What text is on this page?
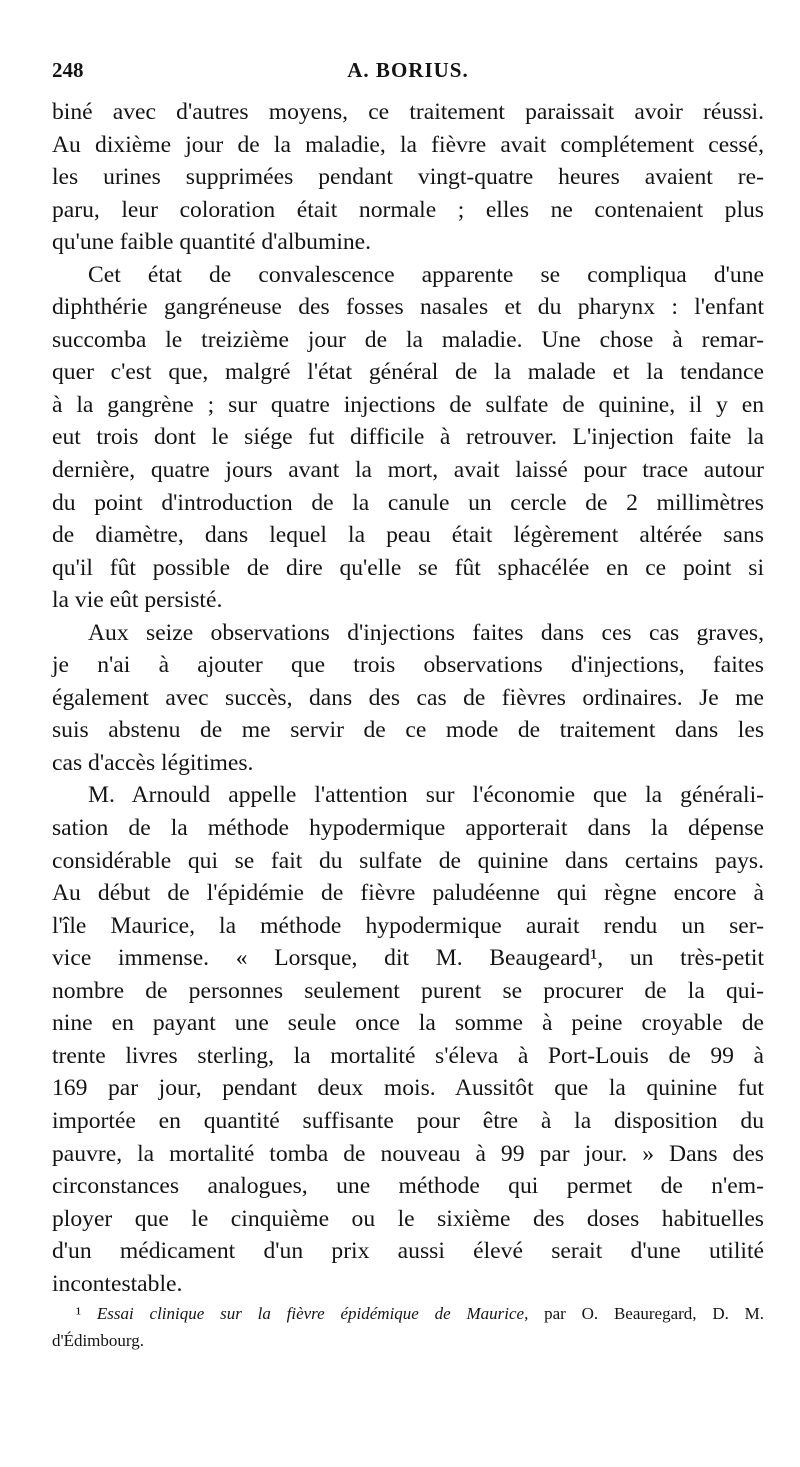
248	A. BORIUS.
biné avec d'autres moyens, ce traitement paraissait avoir réussi.
Au dixième jour de la maladie, la fièvre avait complétement cessé,
les urines supprimées pendant vingt-quatre heures avaient re-
paru, leur coloration était normale ; elles ne contenaient plus
qu'une faible quantité d'albumine.
Cet état de convalescence apparente se compliqua d'une
diphthérie gangréneuse des fosses nasales et du pharynx : l'enfant
succomba le treizième jour de la maladie. Une chose à remar-
quer c'est que, malgré l'état général de la malade et la tendance
à la gangrène ; sur quatre injections de sulfate de quinine, il y en
eut trois dont le siége fut difficile à retrouver. L'injection faite la
dernière, quatre jours avant la mort, avait laissé pour trace autour
du point d'introduction de la canule un cercle de 2 millimètres
de diamètre, dans lequel la peau était légèrement altérée sans
qu'il fût possible de dire qu'elle se fût sphacélée en ce point si
la vie eût persisté.
Aux seize observations d'injections faites dans ces cas graves,
je n'ai à ajouter que trois observations d'injections, faites
également avec succès, dans des cas de fièvres ordinaires. Je me
suis abstenu de me servir de ce mode de traitement dans les
cas d'accès légitimes.
M. Arnould appelle l'attention sur l'économie que la générali-
sation de la méthode hypodermique apporterait dans la dépense
considérable qui se fait du sulfate de quinine dans certains pays.
Au début de l'épidémie de fièvre paludéenne qui règne encore à
l'île Maurice, la méthode hypodermique aurait rendu un ser-
vice immense. « Lorsque, dit M. Beaugeard¹, un très-petit
nombre de personnes seulement purent se procurer de la qui-
nine en payant une seule once la somme à peine croyable de
trente livres sterling, la mortalité s'éleva à Port-Louis de 99 à
169 par jour, pendant deux mois. Aussitôt que la quinine fut
importée en quantité suffisante pour être à la disposition du
pauvre, la mortalité tomba de nouveau à 99 par jour. » Dans des
circonstances analogues, une méthode qui permet de n'em-
ployer que le cinquième ou le sixième des doses habituelles
d'un médicament d'un prix aussi élevé serait d'une utilité
incontestable.
¹ Essai clinique sur la fièvre épidémique de Maurice, par O. Beauregard, D. M.
d'Édimbourg.
